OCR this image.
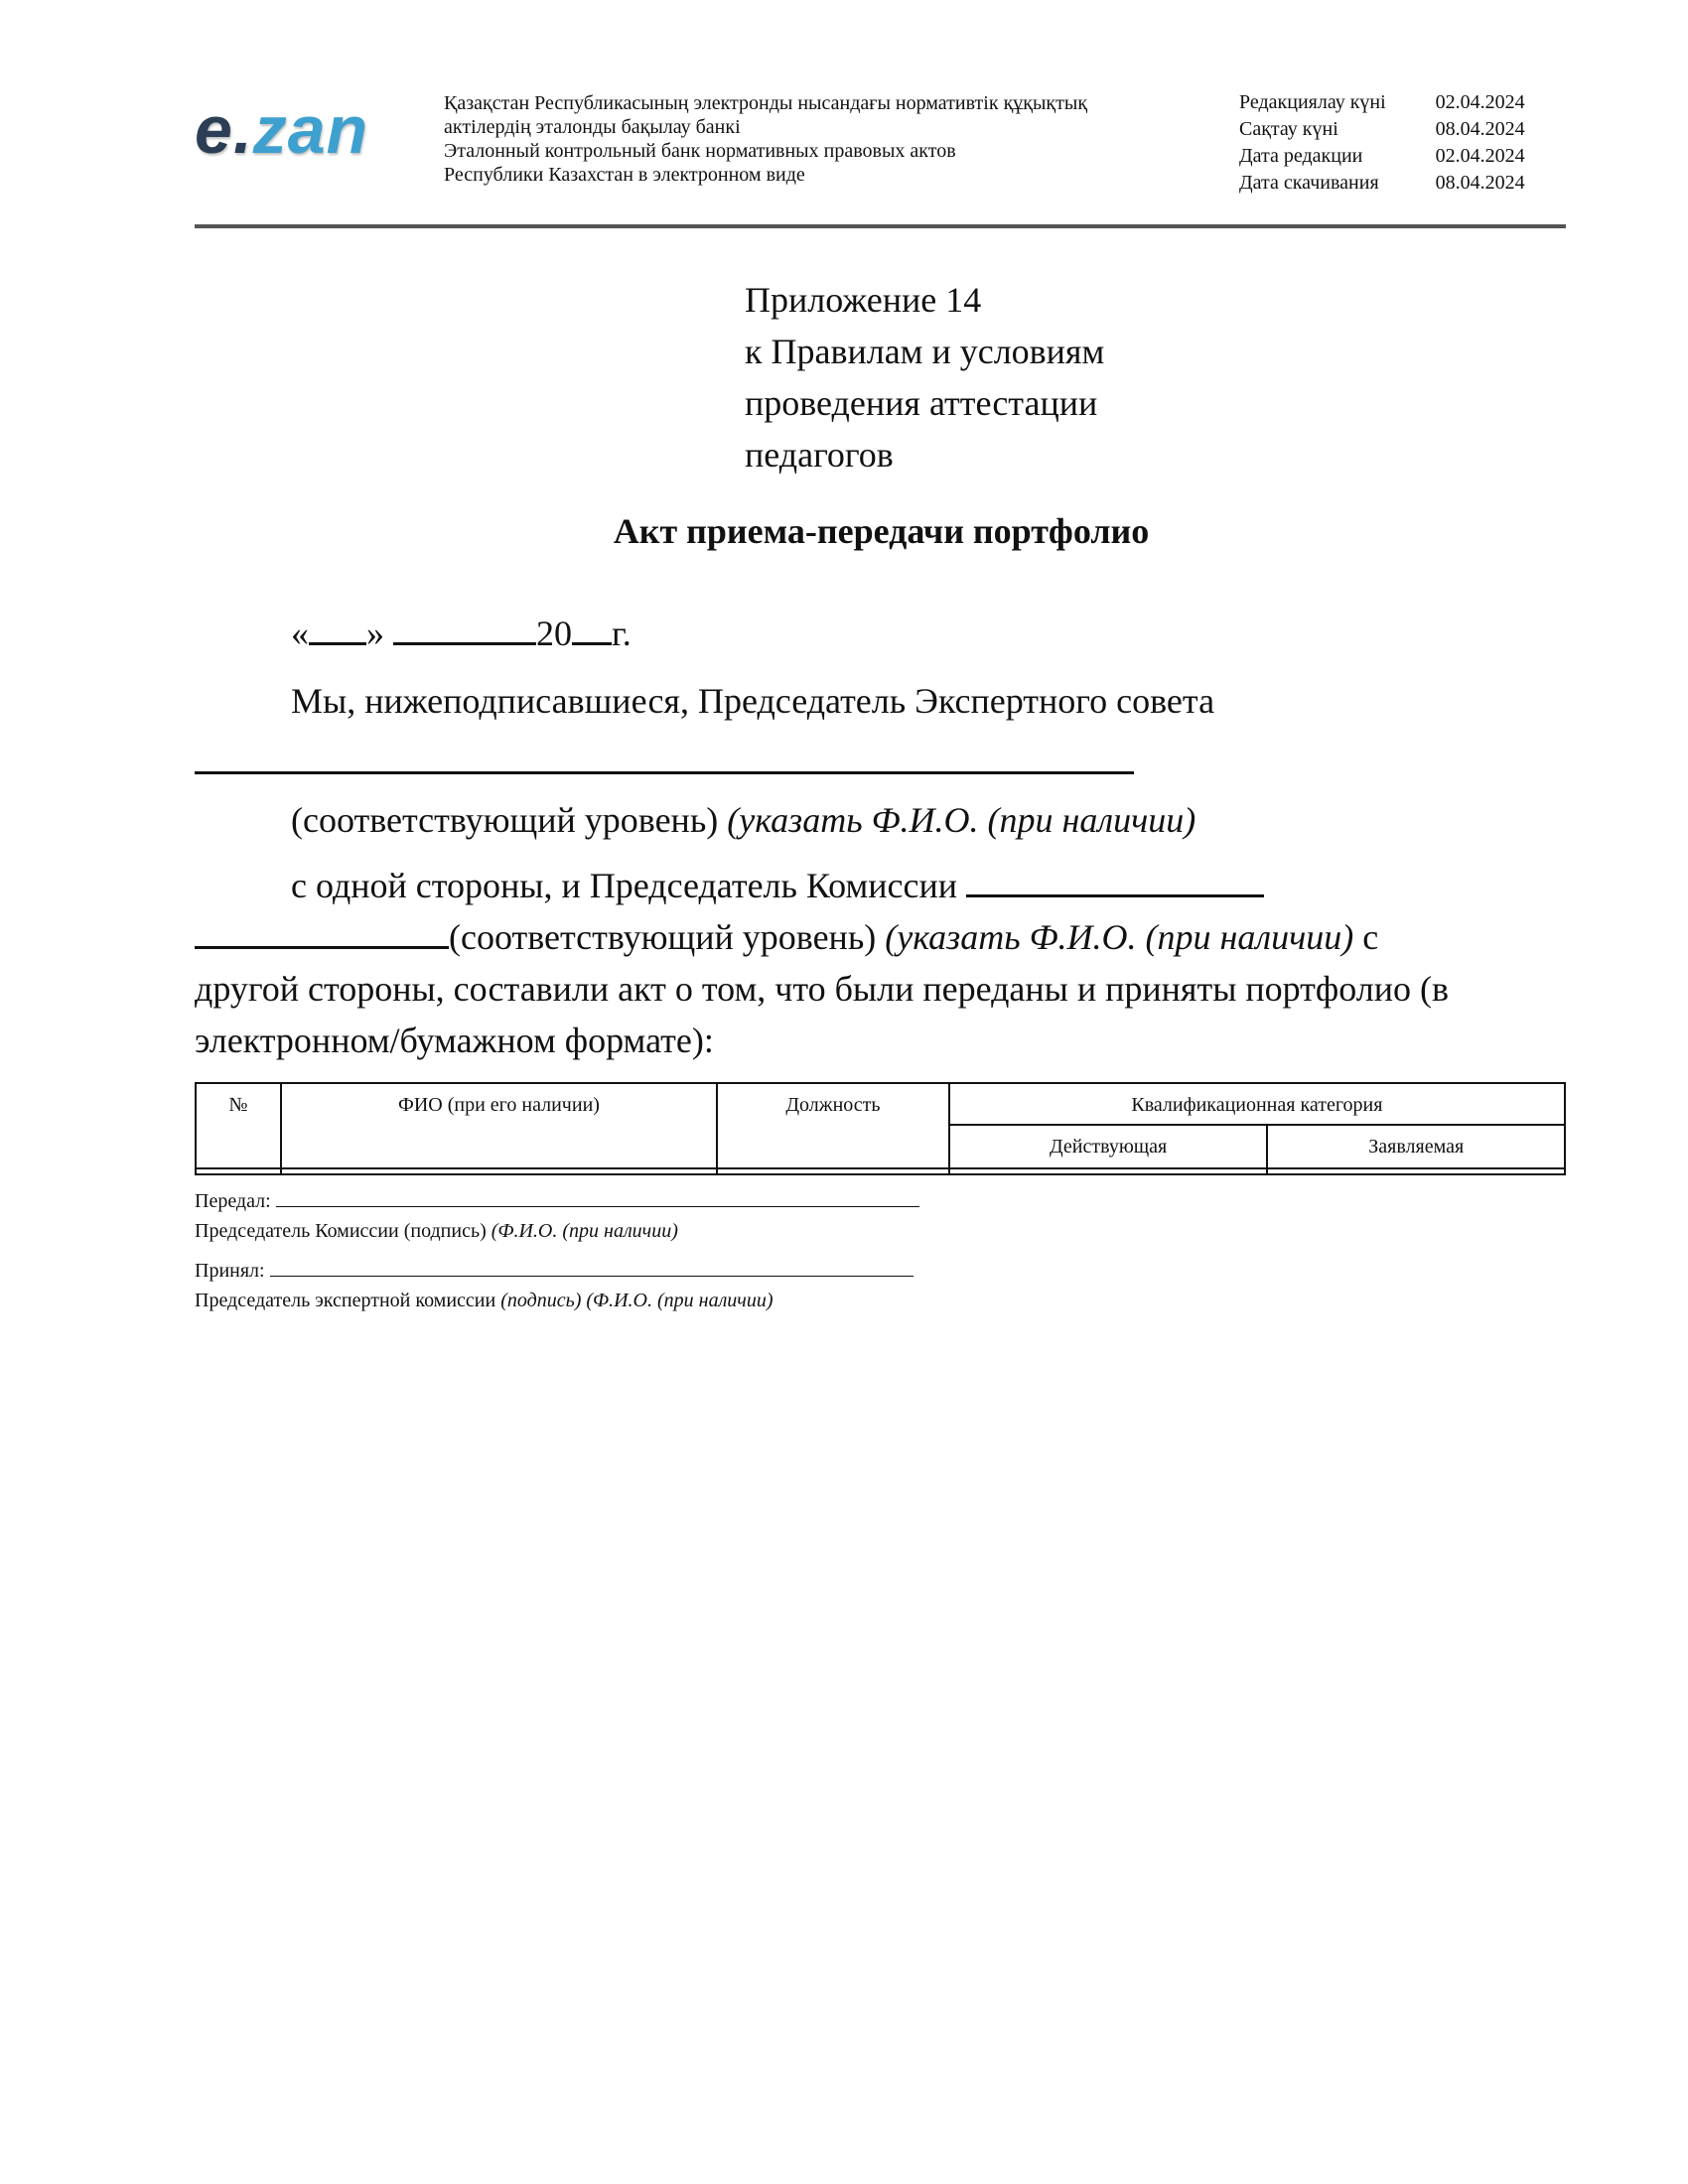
e.zan	Қазақстан Республикасының электронды нысандағы нормативтік құқықтық
актілердің эталонды бақылау банкі
Эталонный контрольный банк нормативных правовых актов
Республики Казахстан в электронном виде
Редакциялау күні	02.04.2024
Сақтау күні	08.04.2024
Дата редакции	02.04.2024
Дата скачивания	08.04.2024
Приложение 14
к Правилам и условиям
проведения аттестации
педагогов
Акт приема-передачи портфолио
« »	20 г.
Мы, нижеподписавшиеся, Председатель Экспертного совета
(соответствующий уровень) (указать Ф.И.О. (при наличии)
с одной стороны, и Председатель Комиссии
(соответствующий уровень) (указать Ф.И.О. (при наличии) с
другой стороны, составили акт о том, что были переданы и приняты портфолио (в
электронном/бумажном формате):
№	ФИО (при его наличии)	Должность	Квалификационная категория	
			Действующая	Заявляемая

Передал:
Председатель Комиссии (подпись) (Ф.И.О. (при наличии)
Принял:
Председатель экспертной комиссии (подпись) (Ф.И.О. (при наличии)
